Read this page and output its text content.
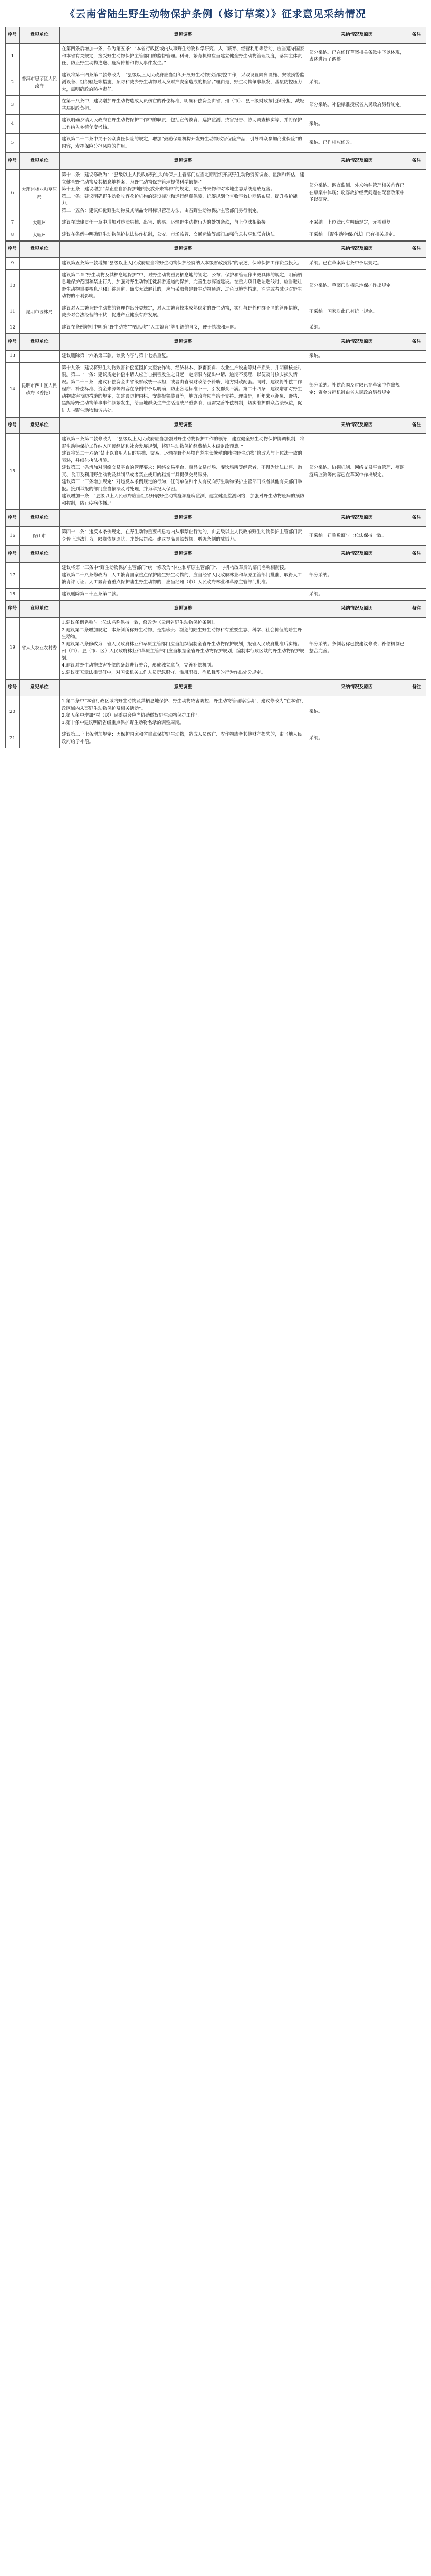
《云南省陆生野生动物保护条例（修订草案）》征求意见采纳情况
序号	意见单位	意见调整	采纳情况及原因	备注
1		在第四条后增加一条，作为第五条：“本省行政区域内从事野生动物科学研究、人工繁育、经营利用等活动，应当遵守国家和本省有关规定，接受野生动物保护主管部门的监督管理。科研、繁育机构应当建立健全野生动物管理制度，落实主体责任，防止野生动物逃逸、疫病传播和伤人事件发生。”	部分采纳。已在修订草案相关条款中予以体现，表述进行了调整。	
2	普洱市思茅区人民政府	建议将第十四条第二款修改为：“县级以上人民政府应当组织开展野生动物致害防控工作，采取设置隔离设施、安装预警监测设备、组织驱赶等措施，预防和减少野生动物对人身财产安全造成的损害。”理由是，野生动物肇事频发，基层防控压力大，需明确政府防控责任。	采纳。	
3		在第十八条中，建议增加野生动物造成人员伤亡的补偿标准，明确补偿资金由省、州（市）、县三级财政按比例分担，减轻基层财政负担。	部分采纳。补偿标准授权省人民政府另行制定。	
4		建议明确乡镇人民政府在野生动物保护工作中的职责，包括宣传教育、巡护监测、致害报告、协助调查核实等，并将保护工作纳入乡镇年度考核。	采纳。	
5		建议第二十二条中关于公众责任保险的规定，增加“鼓励保险机构开发野生动物致害保险产品，引导群众参加商业保险”的内容，发挥保险分担风险的作用。	采纳。已作相应修改。	
序号	意见单位	意见调整	采纳情况及原因	备注
6	大理州林业和草原局	第十二条：建议修改为：“县级以上人民政府野生动物保护主管部门应当定期组织开展野生动物资源调查、监测和评估，建立健全野生动物及其栖息地档案，为野生动物保护管理提供科学依据。”
第十五条：建议增加“禁止在自然保护地内投放外来物种”的规定，防止外来物种对本地生态系统造成危害。
第二十条：建议明确野生动物收容救护机构的建设标准和运行经费保障，统筹规划全省收容救护网络布局，提升救护能力。
第二十五条：建议细化野生动物及其制品专用标识管理办法，由省野生动物保护主管部门另行制定。	部分采纳。调查监测、外来物种管理相关内容已在草案中体现；收容救护经费问题在配套政策中予以研究。	
7	大理州	建议在法律责任一章中增加对违法猎捕、出售、购买、运输野生动物行为的处罚条款，与上位法相衔接。	不采纳。上位法已有明确规定，无需重复。	
8	大理州	建议在条例中明确野生动物保护执法协作机制，公安、市场监管、交通运输等部门加强信息共享和联合执法。	不采纳。《野生动物保护法》已有相关规定。	
序号	意见单位	意见调整	采纳情况及原因	备注
9		建议第五条第一款增加“县级以上人民政府应当将野生动物保护经费纳入本级财政预算”的表述，保障保护工作资金投入。	采纳。已在草案第七条中予以规定。	
10		建议第二章“野生动物及其栖息地保护”中，对野生动物重要栖息地的划定、公布、保护和管理作出更具体的规定，明确栖息地保护范围和禁止行为，加强对野生动物迁徙洄游通道的保护，完善生态廊道建设。在重大项目选址选线时，应当避让野生动物重要栖息地和迁徙通道，确实无法避让的，应当采取修建野生动物通道、过鱼设施等措施，消除或者减少对野生动物的不利影响。	部分采纳。草案已对栖息地保护作出规定。	
11	昆明市园林局	建议对人工繁育野生动物的管理作出分类规定，对人工繁育技术成熟稳定的野生动物，实行与野外种群不同的管理措施，减少对合法经营的干扰，促进产业健康有序发展。	不采纳。国家对此已有统一规定。	
12		建议在条例附则中明确“野生动物”“栖息地”“人工繁育”等用语的含义，便于执法和理解。	采纳。	
序号	意见单位	意见调整	采纳情况及原因	备注
13		建议删除第十六条第三款，该款内容与第十七条重复。	采纳。	
14	昆明市西山区人民政府（委托）	第十九条：建议将野生动物致害补偿范围扩大至农作物、经济林木、家畜家禽、农业生产设施等财产损失，并明确核查时限。第二十一条：建议规定补偿申请人应当自损害发生之日起一定期限内提出申请，逾期不受理，以便及时核实损失情况。第二十三条：建议补偿资金由省级财政统一承担，或者由省级财政给予补助，地方财政配套。同时，建议将补偿工作程序、补偿标准、资金来源等内容在条例中予以明确，防止各地标准不一，引发群众不满。第二十四条：建议增加对野生动物致害预防措施的规定，如建设防护围栏、安装报警装置等，地方政府应当给予支持。理由是，近年来亚洲象、野猪、黑熊等野生动物肇事事件频繁发生，给当地群众生产生活造成严重影响，亟需完善补偿机制，切实维护群众合法权益，促进人与野生动物和谐共处。	部分采纳。补偿范围及时限已在草案中作出规定；资金分担机制由省人民政府另行规定。	
序号	意见单位	意见调整	采纳情况及原因	备注
15		建议第三条第二款修改为：“县级以上人民政府应当加强对野生动物保护工作的领导，建立健全野生动物保护协调机制，将野生动物保护工作纳入国民经济和社会发展规划，将野生动物保护经费纳入本级财政预算。”
建议将第二十六条“禁止以食用为目的猎捕、交易、运输在野外环境自然生长繁殖的陆生野生动物”修改为与上位法一致的表述，并细化执法措施。
建议第三十条增加对网络交易平台的管理要求：网络交易平台、商品交易市场、餐饮场所等经营者，不得为违法出售、购买、食用及利用野生动物及其制品或者禁止使用的猎捕工具提供交易服务。
建议第三十三条增加规定：对违反本条例规定的行为，任何单位和个人有权向野生动物保护主管部门或者其他有关部门举报。接到举报的部门应当依法及时处理，并为举报人保密。
建议增加一条：“县级以上人民政府应当组织开展野生动物疫源疫病监测，建立健全监测网络，加强对野生动物疫病的预防和控制，防止疫病传播。”	部分采纳。协调机制、网络交易平台管理、疫源疫病监测等内容已在草案中作出规定。	
序号	意见单位	意见调整	采纳情况及原因	备注
16	保山市	第四十二条：违反本条例规定，在野生动物重要栖息地内从事禁止行为的，由县级以上人民政府野生动物保护主管部门责令停止违法行为，限期恢复原状，并处以罚款。建议提高罚款数额，增强条例的威慑力。	不采纳。罚款数额与上位法保持一致。	
序号	意见单位	意见调整	采纳情况及原因	备注
17		建议将第十三条中“野生动物保护主管部门”统一修改为“林业和草原主管部门”，与机构改革后的部门名称相衔接。
建议第二十八条修改为：人工繁育国家重点保护陆生野生动物的，应当经省人民政府林业和草原主管部门批准，取得人工繁育许可证；人工繁育省重点保护陆生野生动物的，应当经州（市）人民政府林业和草原主管部门批准。	部分采纳。	
18		建议删除第三十五条第二款。	采纳。	
序号	意见单位	意见调整	采纳情况及原因	备注
19	省人大农业农村委	1.建议条例名称与上位法名称保持一致，修改为《云南省野生动物保护条例》。
2.建议第二条增加规定：本条例所称野生动物，是指珍贵、濒危的陆生野生动物和有重要生态、科学、社会价值的陆生野生动物。
3.建议第八条修改为：省人民政府林业和草原主管部门应当组织编制全省野生动物保护规划，报省人民政府批准后实施。州（市）、县（市、区）人民政府林业和草原主管部门应当根据全省野生动物保护规划，编制本行政区域的野生动物保护规划。
4.建议对野生动物致害补偿的条款进行整合，形成独立章节，完善补偿机制。
5.建议第五章法律责任中，对国家机关工作人员玩忽职守、滥用职权、徇私舞弊的行为作出处分规定。	部分采纳。条例名称已按建议修改；补偿机制已整合完善。	
序号	意见单位	意见调整	采纳情况及原因	备注
20		1.第二条中“本省行政区域内野生动物及其栖息地保护、野生动物致害防控、野生动物管理等活动”，建议修改为“在本省行政区域内从事野生动物保护及相关活动”。
2.第五条中增加“村（居）民委员会应当协助做好野生动物保护工作”。
3.第十条中建议明确省级重点保护野生动物名录的调整周期。	采纳。	
21		建议第三十七条增加规定：因保护国家和省重点保护野生动物，造成人员伤亡、农作物或者其他财产损失的，由当地人民政府给予补偿。	采纳。	
